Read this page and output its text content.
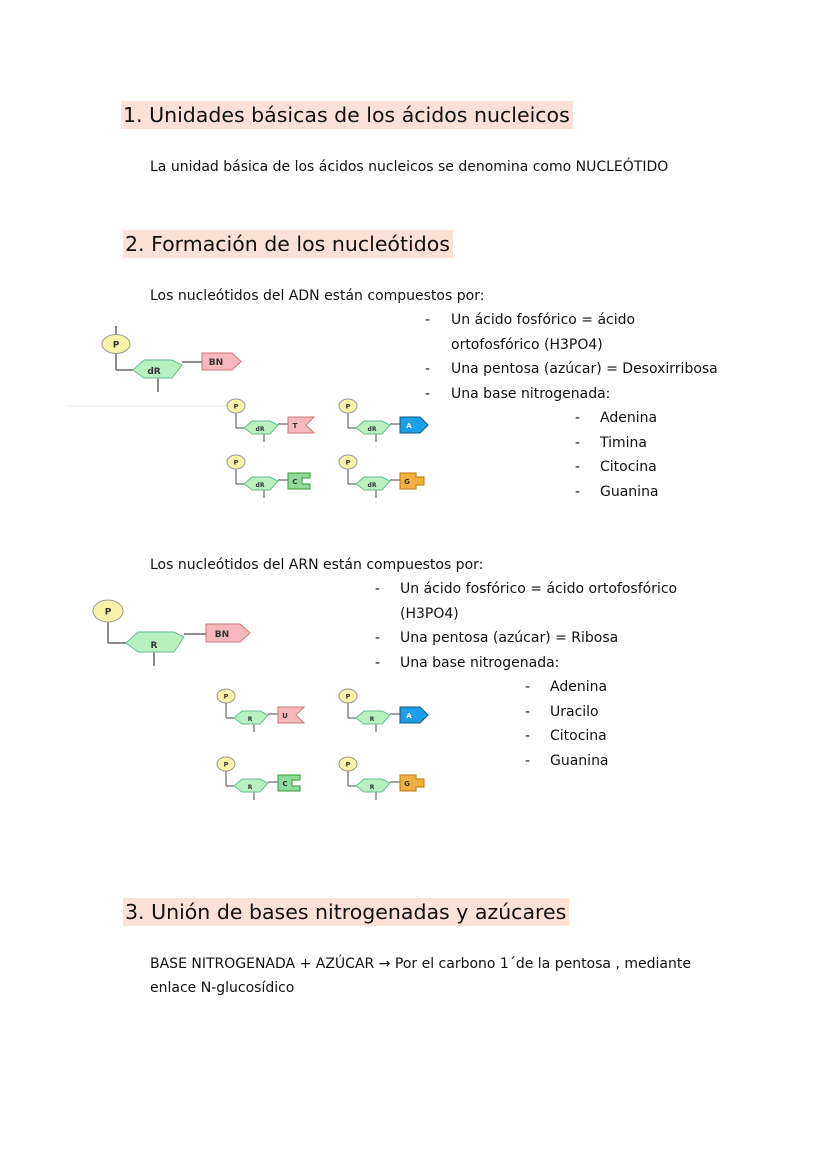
1. Unidades básicas de los ácidos nucleicos
La unidad básica de los ácidos nucleicos se denomina como NUCLEÓTIDO
2. Formación de los nucleótidos
Los nucleótidos del ADN están compuestos por:
- Un ácido fosfórico = ácido
ortofosfórico (H3PO4)
- Una pentosa (azúcar) = Desoxirribosa
- Una base nitrogenada:
- Adenina
- Timina
- Citocina
- Guanina
P
dR
BN
P
dR	T
P
dR	A
P
dR	C
P
dR	G
Los nucleótidos del ARN están compuestos por:
- Un ácido fosfórico = ácido ortofosfórico
(H3PO4)
- Una pentosa (azúcar) = Ribosa
- Una base nitrogenada:
- Adenina
- Uracilo
- Citocina
- Guanina
P
R
BN
P
R	U
P
R	A
P
R	C
P
R	G
3. Unión de bases nitrogenadas y azúcares
BASE NITROGENADA + AZÚCAR → Por el carbono 1´de la pentosa , mediante
enlace N-glucosídico
